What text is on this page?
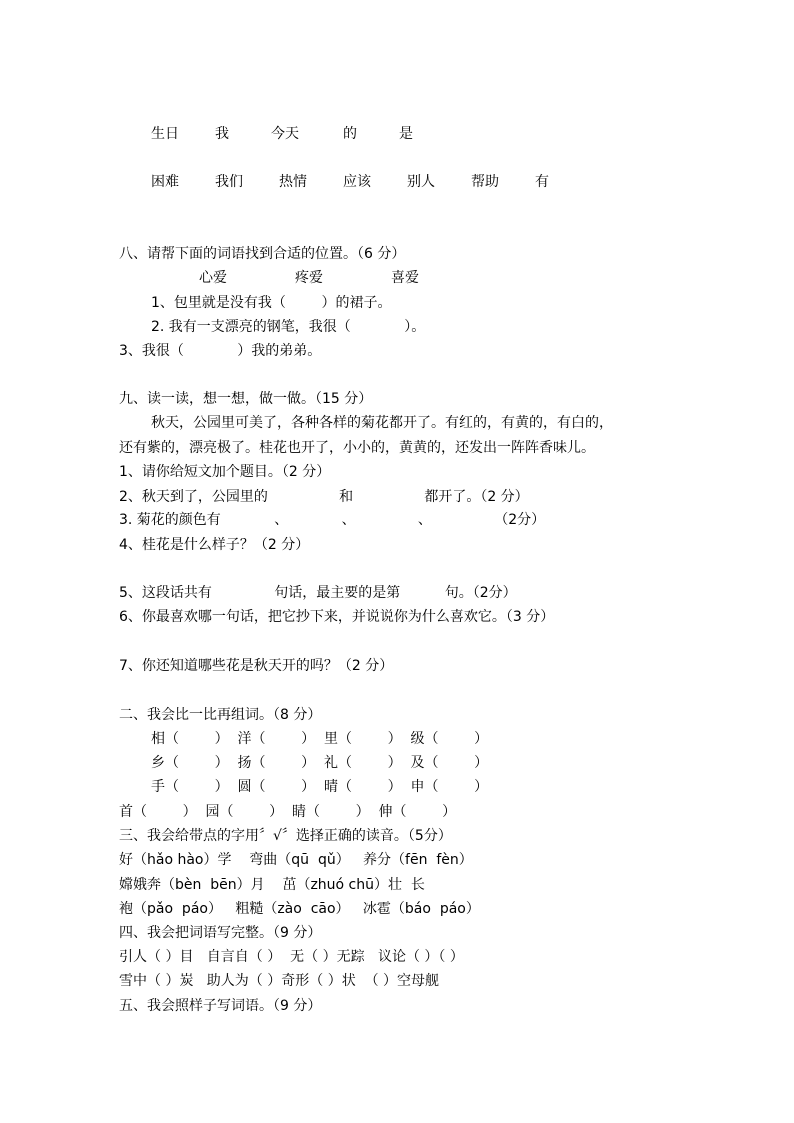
生日	我	今天	的	是
困难	我们	热情	应该	别人	帮助	有
八、请帮下面的词语找到合适的位置。（6 分）
心爱	疼爱	喜爱
1、包里就是没有我（        ）的裙子。
2. 我有一支漂亮的钢笔，我很（            ）。
3、我很（            ）我的弟弟。
九、读一读，想一想，做一做。（15 分）
秋天，公园里可美了，各种各样的菊花都开了。有红的，有黄的，有白的，
还有紫的，漂亮极了。桂花也开了，小小的，黄黄的，还发出一阵阵香味儿。
1、请你给短文加个题目。（2 分）
2、秋天到了，公园里的                和                都开了。（2 分）
3. 菊花的颜色有            、            、              、              （2分）
4、桂花是什么样子？（2 分）
5、这段话共有              句话，最主要的是第          句。（2分）
6、你最喜欢哪一句话，把它抄下来，并说说你为什么喜欢它。（3 分）
7、你还知道哪些花是秋天开的吗？（2 分）
二、我会比一比再组词。（8 分）
相（        ）  洋（        ）  里（        ）  级（        ）
乡（        ）  扬（        ）  礼（        ）  及（        ）
手（        ）  圆（        ）  晴（        ）  申（        ）
首（        ）  园（        ）  睛（        ）  伸（        ）
三、我会给带点的字用〞√〞选择正确的读音。（5分）
好（hǎo hào）学    弯曲（qū  qǔ）   养分（fēn  fèn）
嫦娥奔（bèn  bēn）月    茁（zhuó chū）壮  长
袍（pǎo  páo）   粗糙（zào  cāo）   冰雹（báo  páo）
四、我会把词语写完整。（9 分）
引人（ ）目   自言自（ ）  无（ ）无踪   议论（ ）（ ）
雪中（ ）炭   助人为（ ）奇形（ ）状  （ ）空母舰
五、我会照样子写词语。（9 分）
